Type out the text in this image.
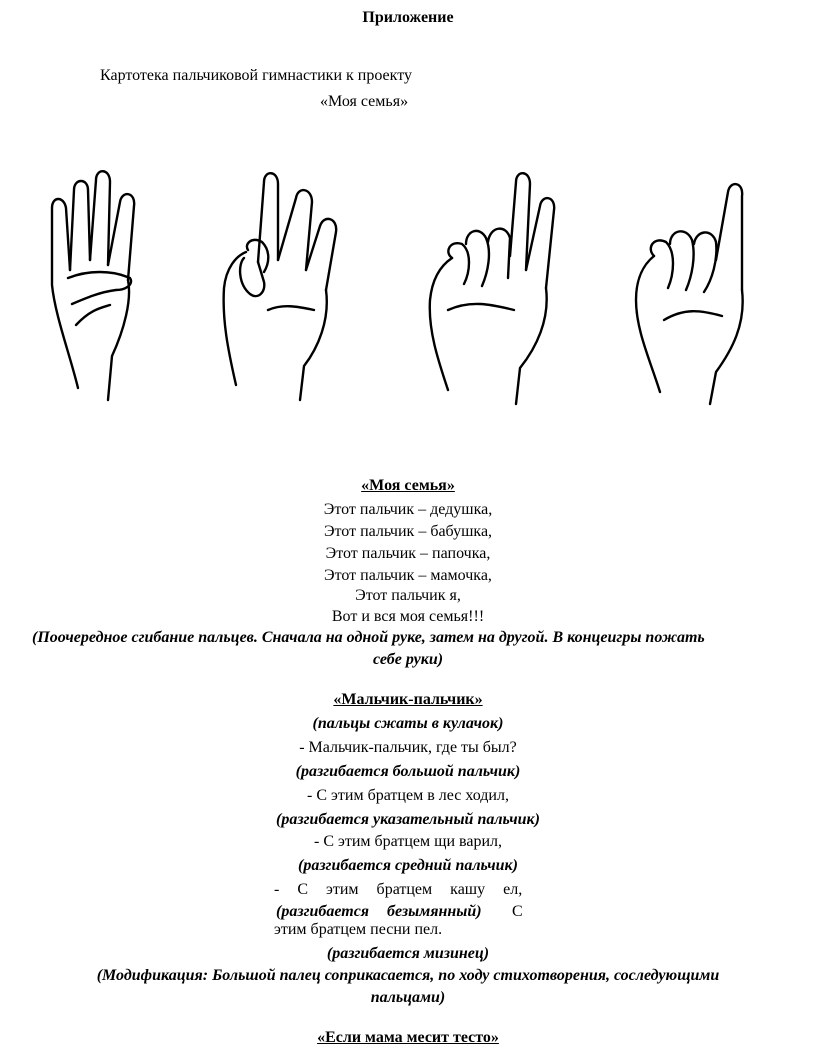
Приложение
Картотека пальчиковой гимнастики к проекту
«Моя семья»
«Моя семья»
Этот пальчик – дедушка,
Этот пальчик – бабушка,
Этот пальчик – папочка,
Этот пальчик – мамочка,
Этот пальчик я,
Вот и вся моя семья!!!
(Поочередное сгибание пальцев. Сначала на одной руке, затем на другой. В концеигры пожать
себе руки)
«Мальчик-пальчик»
(пальцы сжаты в кулачок)
- Мальчик-пальчик, где ты был?
(разгибается большой пальчик)
- С этим братцем в лес ходил,
(разгибается указательный пальчик)
- С этим братцем щи варил,
(разгибается средний пальчик)
- С этим братцем кашу ел,
(разгибается безымянный) С
этим братцем песни пел.
(разгибается мизинец)
(Модификация: Большой палец соприкасается, по ходу стихотворения, соследующими
пальцами)
«Если мама месит тесто»
